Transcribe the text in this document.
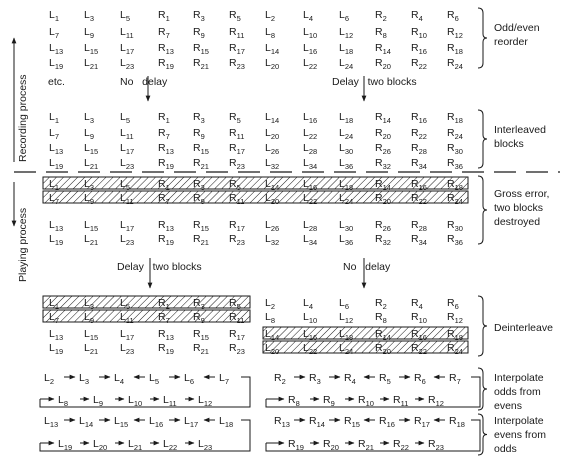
Recording process
Playing process
$L_1$ $L_3$ $L_5$	$R_1$ $R_3$ $R_5$ $L_2$	$L_4$ $L_6$ $R_2$ $R_4$ $R_6$
$L_7$ $L_9$ $L_{11}$ $R_7$ $R_9$ $R_{11}$ $L_8$	$L_{10}$ $L_{12}$ $R_8$ $R_{10}$ $R_{12}$
$L_{13}$ $L_{15}$ $L_{17}$ $R_{13}$ $R_{15}$ $R_{17}$ $L_{14}$ $L_{16}$ $L_{18}$ $R_{14}$ $R_{16}$ $R_{18}$
$L_{19}$ $L_{21}$ $L_{23}$ $R_{19}$ $R_{21}$ $R_{23}$ $L_{20}$ $L_{22}$ $L_{24}$ $R_{20}$ $R_{22}$ $R_{24}$
$L_1$ $L_3$ $L_5$	$R_1$ $R_3$ $R_5$ $L_{14}$ $L_{16}$ $L_{18}$ $R_{14}$ $R_{16}$ $R_{18}$
$L_7$ $L_9$ $L_{11}$ $R_7$ $R_9$ $R_{11}$ $L_{20}$ $L_{22}$ $L_{24}$ $R_{20}$ $R_{22}$ $R_{24}$
$L_{13}$ $L_{15}$ $L_{17}$ $R_{13}$ $R_{15}$ $R_{17}$ $L_{26}$ $L_{28}$ $L_{30}$ $R_{26}$ $R_{28}$ $R_{30}$
$L_{19}$ $L_{21}$ $L_{23}$ $R_{19}$ $R_{21}$ $R_{23}$ $L_{32}$ $L_{34}$ $L_{36}$ $R_{32}$ $R_{34}$ $R_{36}$
$L_1$ $L_3$ $L_5$	$R_1$ $R_3$ $R_5$ $L_{14}$ $L_{16}$ $L_{18}$ $R_{14}$ $R_{16}$ $R_{18}$
$L_7$ $L_9$ $L_{11}$ $R_7$ $R_9$ $R_{11}$ $L_{20}$ $L_{22}$ $L_{24}$ $R_{20}$ $R_{22}$ $R_{24}$
$L_{13}$ $L_{15}$ $L_{17}$ $R_{13}$ $R_{15}$ $R_{17}$ $L_{26}$ $L_{28}$ $L_{30}$ $R_{26}$ $R_{28}$ $R_{30}$
$L_{19}$ $L_{21}$ $L_{23}$ $R_{19}$ $R_{21}$ $R_{23}$ $L_{32}$ $L_{34}$ $L_{36}$ $R_{32}$ $R_{34}$ $R_{36}$
$L_1$ $L_3$ $L_5$	$R_1$ $R_3$ $R_5$ $L_2$	$L_4$ $L_6$ $R_2$ $R_4$ $R_6$
$L_7$ $L_9$ $L_{11}$ $R_7$ $R_9$ $R_{11}$ $L_8$	$L_{10}$ $L_{12}$ $R_8$ $R_{10}$ $R_{12}$
$L_{13}$ $L_{15}$ $L_{17}$ $R_{13}$ $R_{15}$ $R_{17}$ $L_{14}$ $L_{16}$ $L_{18}$ $R_{14}$ $R_{16}$ $R_{18}$
$L_{19}$ $L_{21}$ $L_{23}$ $R_{19}$ $R_{21}$ $R_{23}$ $L_{20}$ $L_{22}$ $L_{24}$ $R_{20}$ $R_{22}$ $R_{24}$
$L_2$ $L_3$ $L_4$ $L_5$ $L_6$ $L_7$	$R_2$ $R_3$ $R_4$ $R_5$ $R_6$ $R_7$
$L_8$ $L_9$ $L_{10}$ $L_{11}$ $L_{12}$	$R_8$ $R_9$ $R_{10}$ $R_{11}$ $R_{12}$
$L_{13}$ $L_{14}$ $L_{15}$ $L_{16}$ $L_{17}$ $L_{18}$	$R_{13}$ $R_{14}$ $R_{15}$ $R_{16}$ $R_{17}$ $R_{18}$
$L_{19}$ $L_{20}$ $L_{21}$ $L_{22}$ $L_{23}$	$R_{19}$ $R_{20}$ $R_{21}$ $R_{22}$ $R_{23}$
etc.	No   delay	Delay   two blocks
Delay   two blocks	No   delay
Odd/even
reorder
Interleaved
blocks
Gross error,
two blocks
destroyed
Deinterleave
Interpolate
odds from
evens
Interpolate
evens from
odds
